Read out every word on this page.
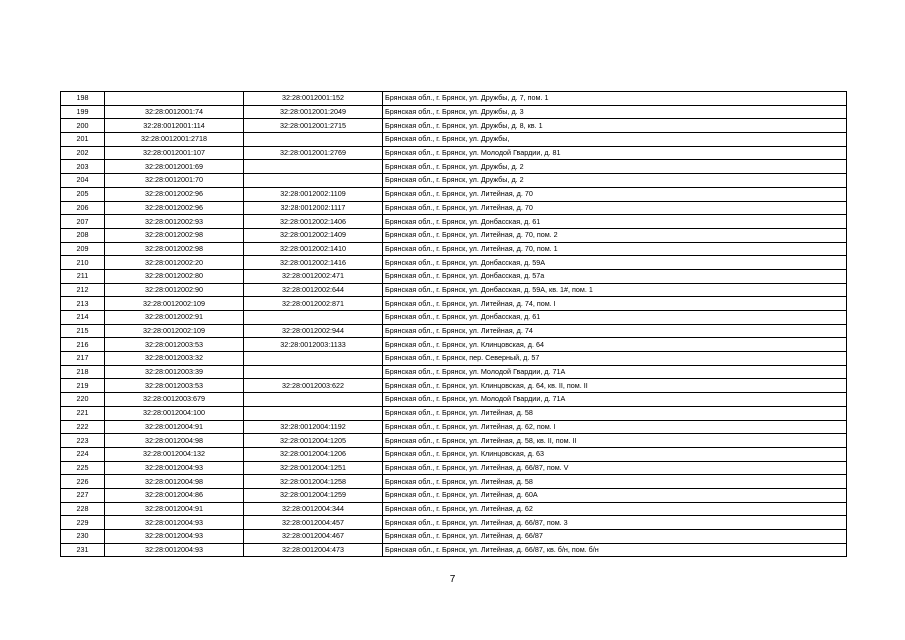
198		32:28:0012001:152	Брянская обл., г. Брянск, ул. Дружбы, д. 7, пом. 1
199	32:28:0012001:74	32:28:0012001:2049	Брянская обл., г. Брянск, ул. Дружбы, д. 3
200	32:28:0012001:114	32:28:0012001:2715	Брянская обл., г. Брянск, ул. Дружбы, д. 8, кв. 1
201	32:28:0012001:2718		Брянская обл., г. Брянск, ул. Дружбы,
202	32:28:0012001:107	32:28:0012001:2769	Брянская обл., г. Брянск, ул. Молодой Гвардии, д. 81
203	32:28:0012001:69		Брянская обл., г. Брянск, ул. Дружбы, д. 2
204	32:28:0012001:70		Брянская обл., г. Брянск, ул. Дружбы, д. 2
205	32:28:0012002:96	32:28:0012002:1109	Брянская обл., г. Брянск, ул. Литейная, д. 70
206	32:28:0012002:96	32:28:0012002:1117	Брянская обл., г. Брянск, ул. Литейная, д. 70
207	32:28:0012002:93	32:28:0012002:1406	Брянская обл., г. Брянск, ул. Донбасская, д. 61
208	32:28:0012002:98	32:28:0012002:1409	Брянская обл., г. Брянск, ул. Литейная, д. 70, пом. 2
209	32:28:0012002:98	32:28:0012002:1410	Брянская обл., г. Брянск, ул. Литейная, д. 70, пом. 1
210	32:28:0012002:20	32:28:0012002:1416	Брянская обл., г. Брянск, ул. Донбасская, д. 59А
211	32:28:0012002:80	32:28:0012002:471	Брянская обл., г. Брянск, ул. Донбасская, д. 57а
212	32:28:0012002:90	32:28:0012002:644	Брянская обл., г. Брянск, ул. Донбасская, д. 59А, кв. 1#, пом. 1
213	32:28:0012002:109	32:28:0012002:871	Брянская обл., г. Брянск, ул. Литейная, д. 74, пом. I
214	32:28:0012002:91		Брянская обл., г. Брянск, ул. Донбасская, д. 61
215	32:28:0012002:109	32:28:0012002:944	Брянская обл., г. Брянск, ул. Литейная, д. 74
216	32:28:0012003:53	32:28:0012003:1133	Брянская обл., г. Брянск, ул. Клинцовская, д. 64
217	32:28:0012003:32		Брянская обл., г. Брянск, пер. Северный, д. 57
218	32:28:0012003:39		Брянская обл., г. Брянск, ул. Молодой Гвардии, д. 71А
219	32:28:0012003:53	32:28:0012003:622	Брянская обл., г. Брянск, ул. Клинцовская, д. 64, кв. II, пом. II
220	32:28:0012003:679		Брянская обл., г. Брянск, ул. Молодой Гвардии, д. 71А
221	32:28:0012004:100		Брянская обл., г. Брянск, ул. Литейная, д. 58
222	32:28:0012004:91	32:28:0012004:1192	Брянская обл., г. Брянск, ул. Литейная, д. 62, пом. I
223	32:28:0012004:98	32:28:0012004:1205	Брянская обл., г. Брянск, ул. Литейная, д. 58, кв. II, пом. II
224	32:28:0012004:132	32:28:0012004:1206	Брянская обл., г. Брянск, ул. Клинцовская, д. 63
225	32:28:0012004:93	32:28:0012004:1251	Брянская обл., г. Брянск, ул. Литейная, д. 66/87, пом. V
226	32:28:0012004:98	32:28:0012004:1258	Брянская обл., г. Брянск, ул. Литейная, д. 58
227	32:28:0012004:86	32:28:0012004:1259	Брянская обл., г. Брянск, ул. Литейная, д. 60А
228	32:28:0012004:91	32:28:0012004:344	Брянская обл., г. Брянск, ул. Литейная, д. 62
229	32:28:0012004:93	32:28:0012004:457	Брянская обл., г. Брянск, ул. Литейная, д. 66/87, пом. 3
230	32:28:0012004:93	32:28:0012004:467	Брянская обл., г. Брянск, ул. Литейная, д. 66/87
231	32:28:0012004:93	32:28:0012004:473	Брянская обл., г. Брянск, ул. Литейная, д. 66/87, кв. б/н, пом. б/н
7
